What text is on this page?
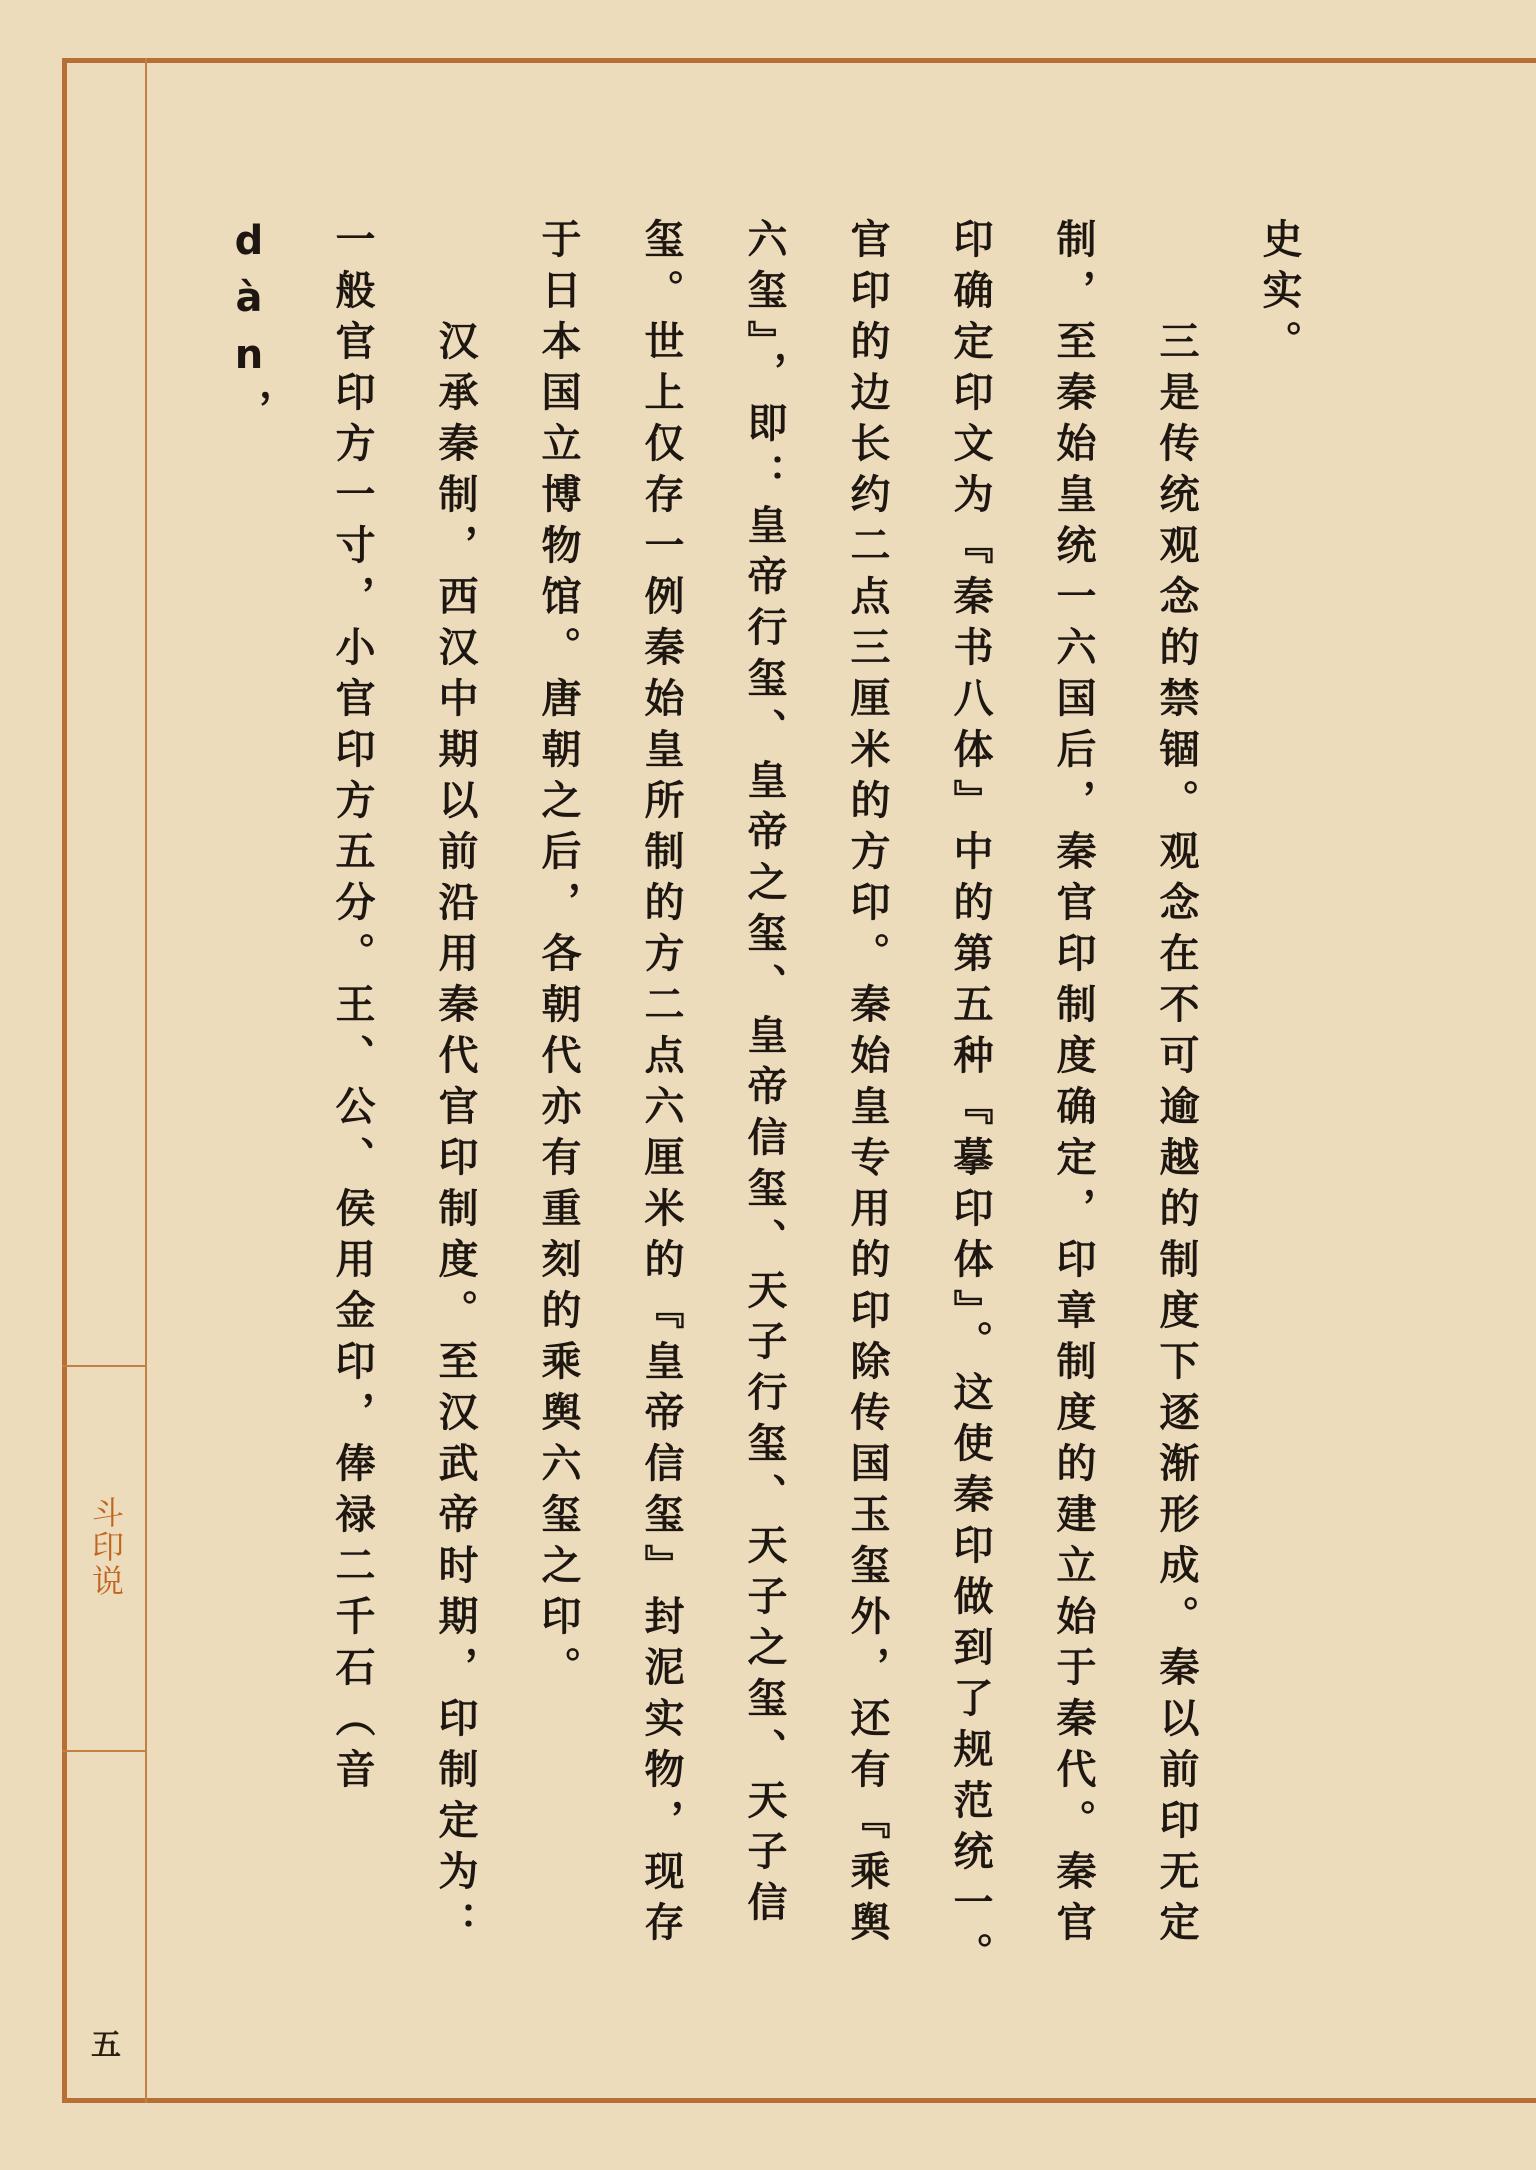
斗印说
五

史实。

三是传统观念的禁锢。观念在不可逾越的制度下逐渐形成。秦以前印无定制，至秦始皇统一六国后，秦官印制度确定，印章制度的建立始于秦代。秦官印确定印文为『秦书八体』中的第五种『摹印体』。这使秦印做到了规范统一。官印的边长约二点三厘米的方印。秦始皇专用的印除传国玉玺外，还有『乘舆六玺』，即：皇帝行玺、皇帝之玺、皇帝信玺、天子行玺、天子之玺、天子信玺。世上仅存一例秦始皇所制的方二点六厘米的『皇帝信玺』封泥实物，现存于日本国立博物馆。唐朝之后，各朝代亦有重刻的乘舆六玺之印。

汉承秦制，西汉中期以前沿用秦代官印制度。至汉武帝时期，印制定为：一般官印方一寸，小官印方五分。王、公、侯用金印，俸禄二千石（音dàn，
